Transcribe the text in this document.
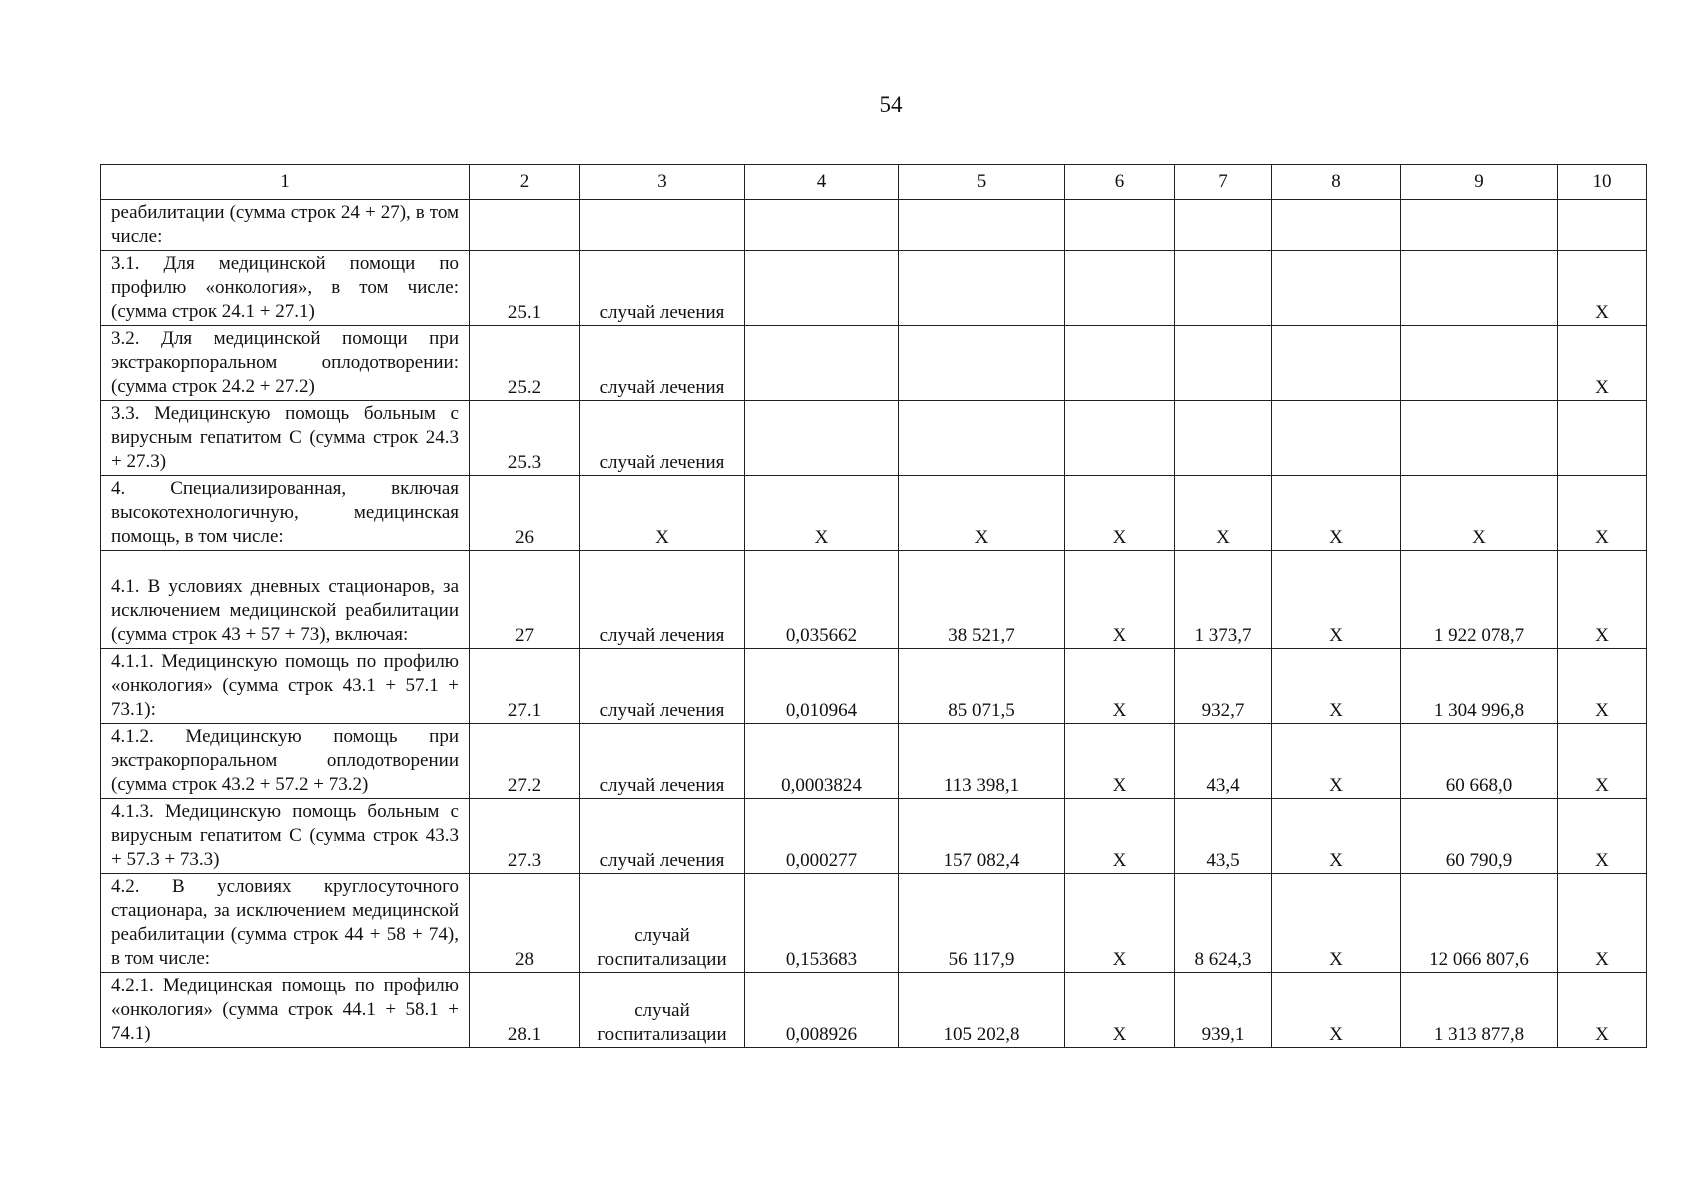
54
1	2	3	4	5	6	7	8	9	10
реабилитации (сумма строк 24 + 27), в том числе:									
3.1. Для медицинской помощи по профилю «онкология», в том числе: (сумма строк 24.1 + 27.1)	25.1	случай лечения							X
3.2. Для медицинской помощи при экстракорпоральном оплодотворении: (сумма строк 24.2 + 27.2)	25.2	случай лечения							X
3.3. Медицинскую помощь больным с вирусным гепатитом С (сумма строк 24.3 + 27.3)	25.3	случай лечения							
4. Специализированная, включая высокотехнологичную, медицинская помощь, в том числе:	26	X	X	X	X	X	X	X	X
4.1. В условиях дневных стационаров, за исключением медицинской реабилитации (сумма строк 43 + 57 + 73), включая:	27	случай лечения	0,035662	38 521,7	X	1 373,7	X	1 922 078,7	X
4.1.1. Медицинскую помощь по профилю «онкология» (сумма строк 43.1 + 57.1 + 73.1):	27.1	случай лечения	0,010964	85 071,5	X	932,7	X	1 304 996,8	X
4.1.2. Медицинскую помощь при экстракорпоральном оплодотворении (сумма строк 43.2 + 57.2 + 73.2)	27.2	случай лечения	0,0003824	113 398,1	X	43,4	X	60 668,0	X
4.1.3. Медицинскую помощь больным с вирусным гепатитом С (сумма строк 43.3 + 57.3 + 73.3)	27.3	случай лечения	0,000277	157 082,4	X	43,5	X	60 790,9	X
4.2. В условиях круглосуточного стационара, за исключением медицинской реабилитации (сумма строк 44 + 58 + 74), в том числе:	28	случай госпитализации	0,153683	56 117,9	X	8 624,3	X	12 066 807,6	X
4.2.1. Медицинская помощь по профилю «онкология» (сумма строк 44.1 + 58.1 + 74.1)	28.1	случай госпитализации	0,008926	105 202,8	X	939,1	X	1 313 877,8	X
